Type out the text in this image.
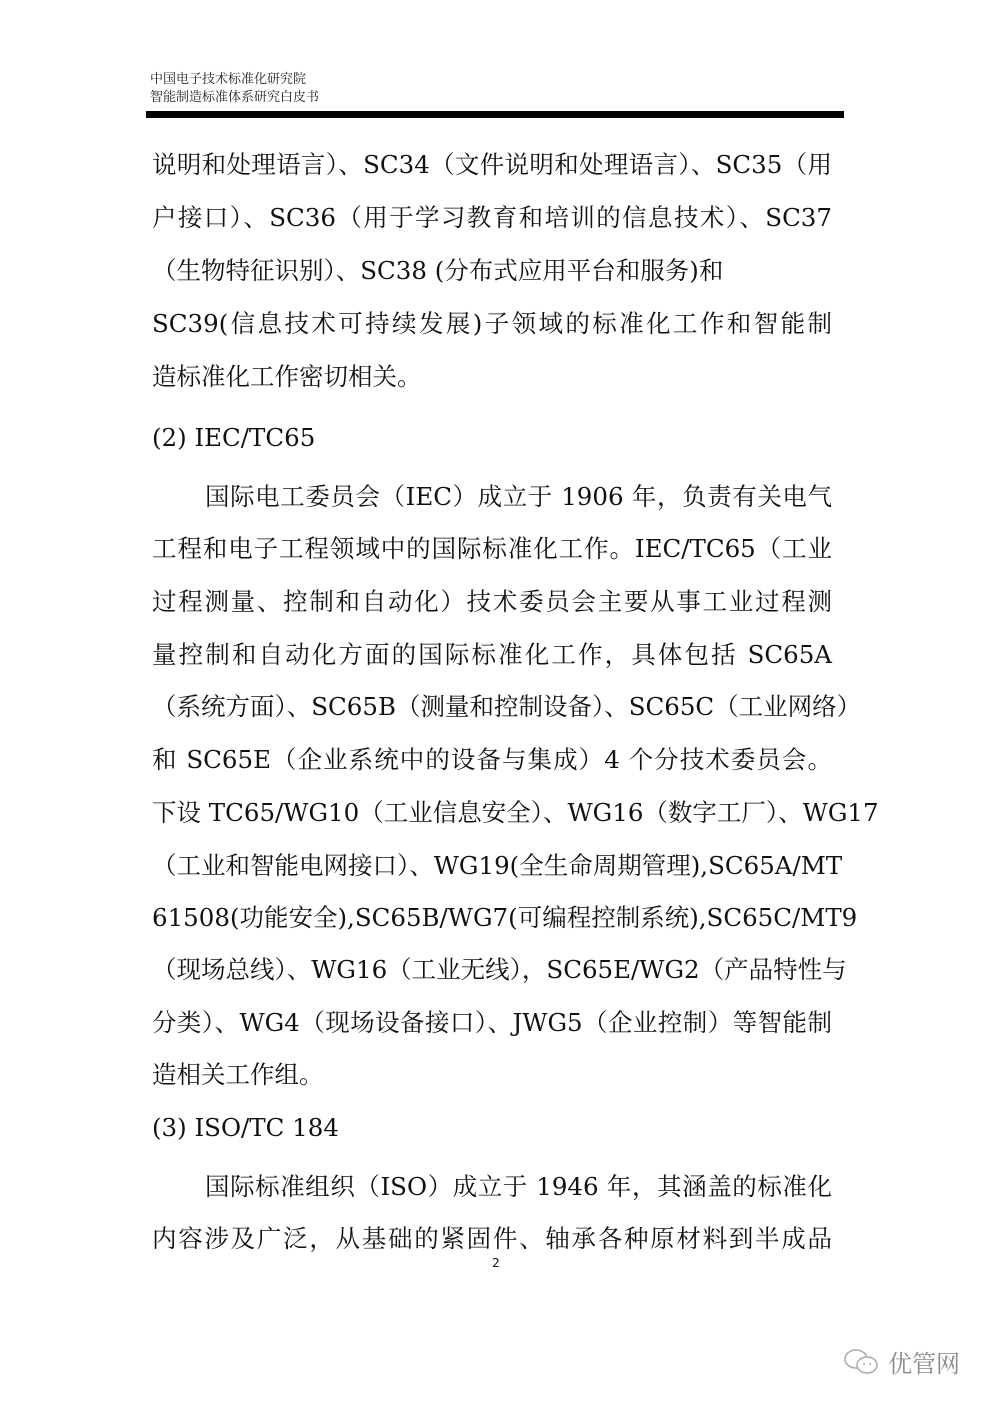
中国电子技术标准化研究院
智能制造标准体系研究白皮书
说明和处理语言）、SC34（文件说明和处理语言）、SC35（用
户接口）、SC36（用于学习教育和培训的信息技术）、SC37
（生物特征识别）、SC38 (分布式应用平台和服务)和
SC39(信息技术可持续发展)子领域的标准化工作和智能制
造标准化工作密切相关。
(2) IEC/TC65
国际电工委员会（IEC）成立于 1906 年，负责有关电气
工程和电子工程领域中的国际标准化工作。IEC/TC65（工业
过程测量、控制和自动化）技术委员会主要从事工业过程测
量控制和自动化方面的国际标准化工作，具体包括 SC65A
（系统方面）、SC65B（测量和控制设备）、SC65C（工业网络）
和 SC65E（企业系统中的设备与集成）4 个分技术委员会。
下设 TC65/WG10（工业信息安全）、WG16（数字工厂）、WG17
（工业和智能电网接口）、WG19(全生命周期管理),SC65A/MT
61508(功能安全),SC65B/WG7(可编程控制系统),SC65C/MT9
（现场总线）、WG16（工业无线），SC65E/WG2（产品特性与
分类）、WG4（现场设备接口）、JWG5（企业控制）等智能制
造相关工作组。
(3) ISO/TC 184
国际标准组织（ISO）成立于 1946 年，其涵盖的标准化
内容涉及广泛，从基础的紧固件、轴承各种原材料到半成品
2
优管网
